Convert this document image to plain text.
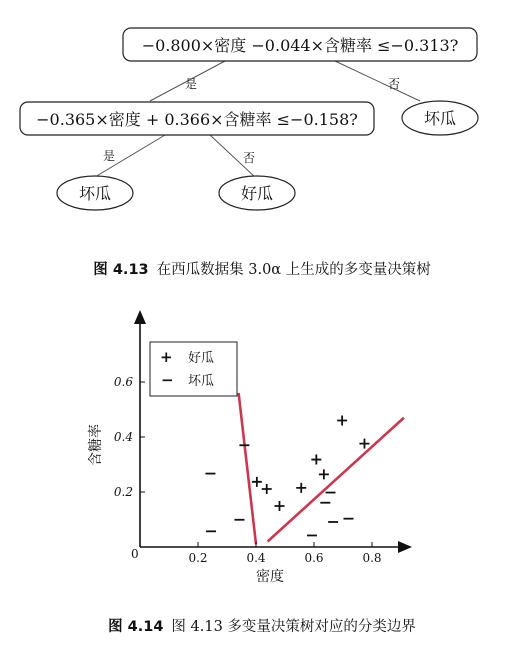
−0.800×密度 −0.044×含糖率 ≤−0.313?
是	否
坏瓜
−0.365×密度 + 0.366×含糖率 ≤−0.158?
是	否
坏瓜	好瓜
图 4.13 在西瓜数据集 3.0α 上生成的多变量决策树
0.2	0.4	0.6	0.8
0.2
0.4
0.6
0
密度
含糖率
+ 好瓜
− 坏瓜
图 4.14 图 4.13 多变量决策树对应的分类边界
